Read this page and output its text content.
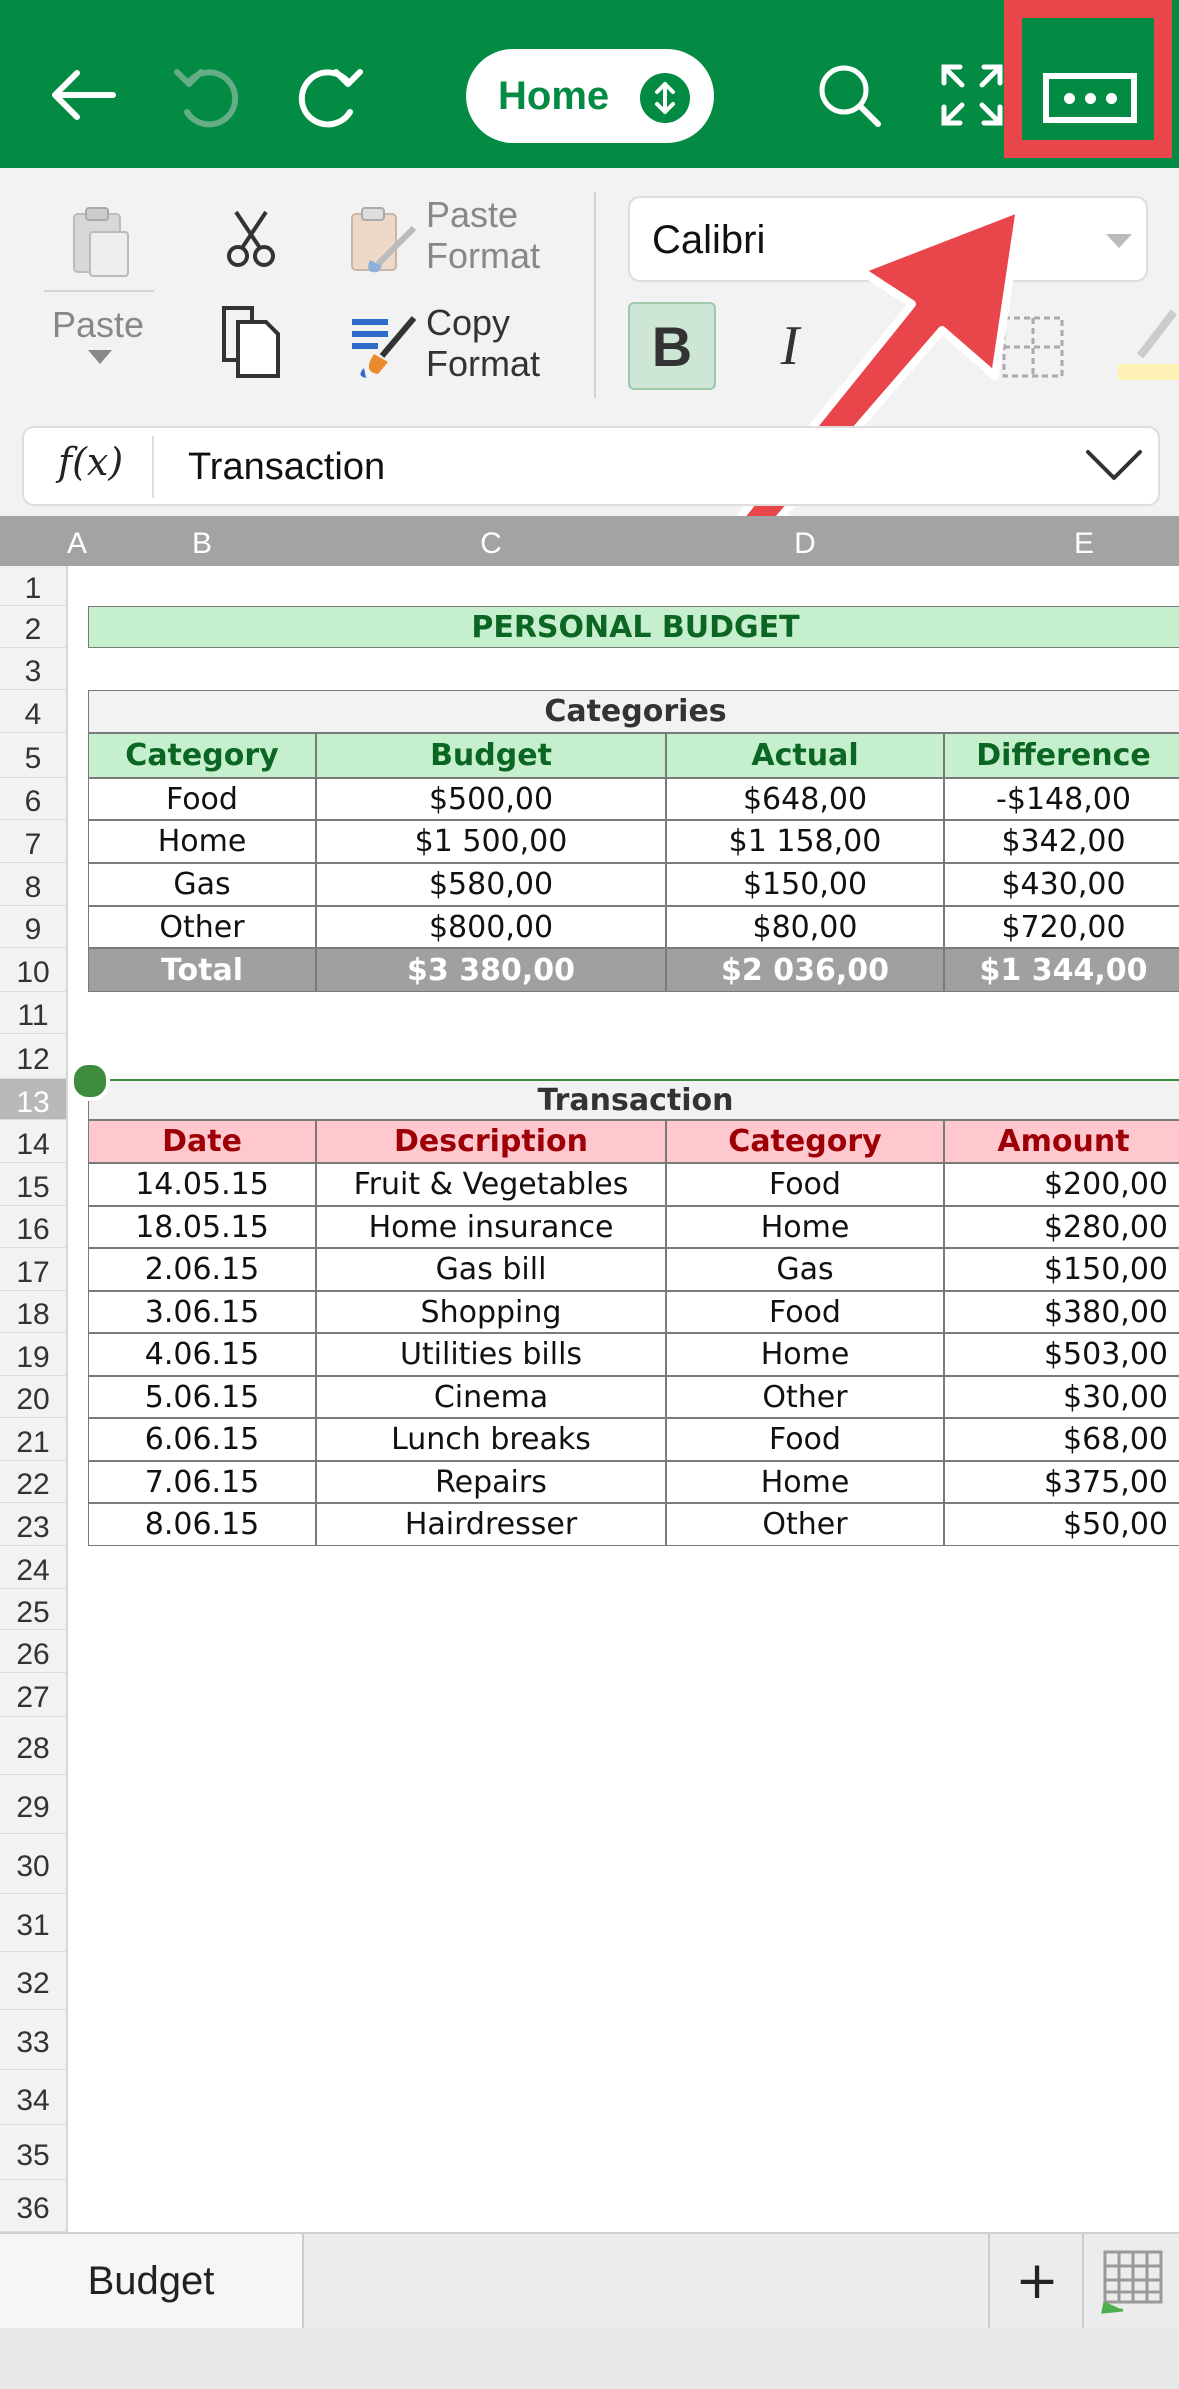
Home
Paste
Paste
Format
Copy
Format
Calibri
B	I
f(x) Transaction
A	B	C	D	E
1
2
3
4
5
6
7
8
9
10
11
12
13
14
15
16
17
18
19
20
21
22
23
24
25
26
27
28
29
30
31
32
33
34
35
36
PERSONAL BUDGET
Categories
Category	Budget	Actual	Difference
Food	$500,00	$648,00	-$148,00
Home	$1 500,00	$1 158,00	$342,00
Gas	$580,00	$150,00	$430,00
Other	$800,00	$80,00	$720,00
Total	$3 380,00	$2 036,00	$1 344,00
Transaction
Date	Description	Category	Amount
14.05.15	Fruit & Vegetables	Food	$200,00
18.05.15	Home insurance	Home	$280,00
2.06.15	Gas bill	Gas	$150,00
3.06.15	Shopping	Food	$380,00
4.06.15	Utilities bills	Home	$503,00
5.06.15	Cinema	Other	$30,00
6.06.15	Lunch breaks	Food	$68,00
7.06.15	Repairs	Home	$375,00
8.06.15	Hairdresser	Other	$50,00
Budget	+
